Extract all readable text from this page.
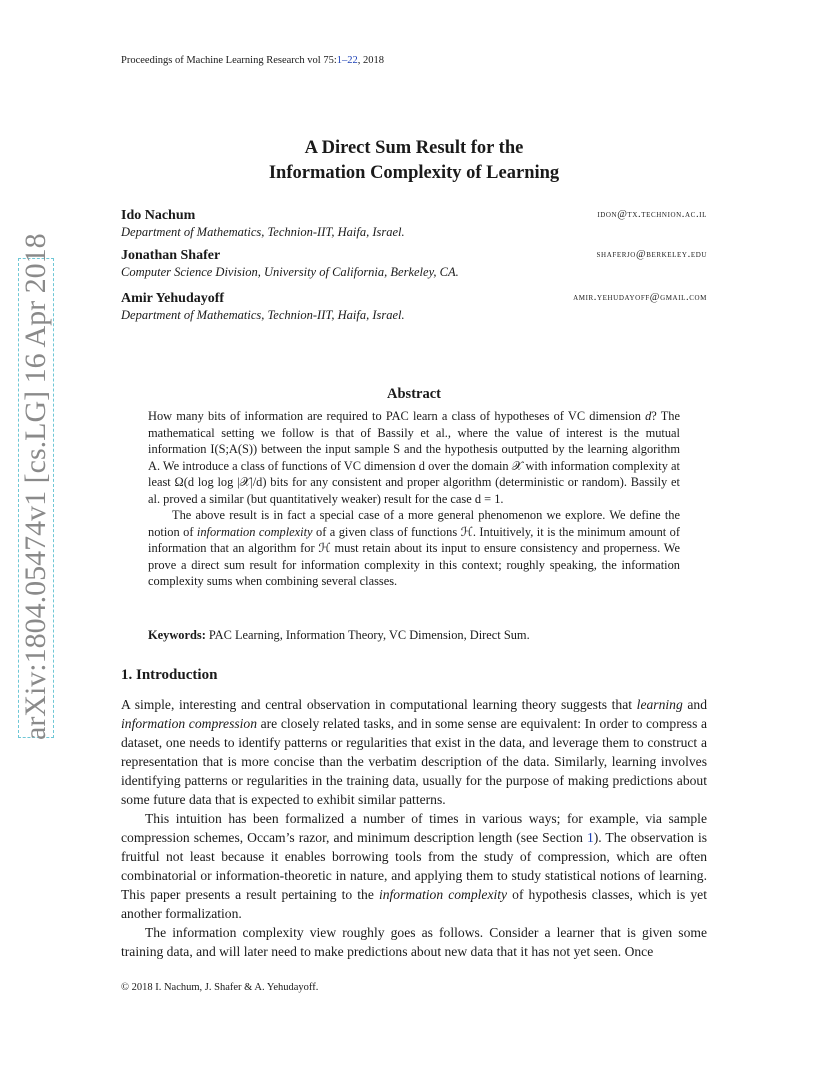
Proceedings of Machine Learning Research vol 75:1–22, 2018
A Direct Sum Result for the
Information Complexity of Learning
Ido Nachum	idon@tx.technion.ac.il
Department of Mathematics, Technion-IIT, Haifa, Israel.
Jonathan Shafer	shaferjo@berkeley.edu
Computer Science Division, University of California, Berkeley, CA.
Amir Yehudayoff	amir.yehudayoff@gmail.com
Department of Mathematics, Technion-IIT, Haifa, Israel.
Abstract

How many bits of information are required to PAC learn a class of hypotheses of VC dimension d? The mathematical setting we follow is that of Bassily et al., where the value of interest is the mutual information I(S;A(S)) between the input sample S and the hypothesis outputted by the learning algorithm A. We introduce a class of functions of VC dimension d over the domain 𝒳 with information complexity at least Ω(d log log |𝒳|/d) bits for any consistent and proper algorithm (deterministic or random). Bassily et al. proved a similar (but quantitatively weaker) result for the case d = 1.

The above result is in fact a special case of a more general phenomenon we explore. We define the notion of information complexity of a given class of functions ℋ. Intuitively, it is the minimum amount of information that an algorithm for ℋ must retain about its input to ensure consistency and properness. We prove a direct sum result for information complexity in this context; roughly speaking, the information complexity sums when combining several classes.

Keywords: PAC Learning, Information Theory, VC Dimension, Direct Sum.
1. Introduction

A simple, interesting and central observation in computational learning theory suggests that learning and information compression are closely related tasks, and in some sense are equivalent: In order to compress a dataset, one needs to identify patterns or regularities that exist in the data, and leverage them to construct a representation that is more concise than the verbatim description of the data. Similarly, learning involves identifying patterns or regularities in the training data, usually for the purpose of making predictions about some future data that is expected to exhibit similar patterns.

This intuition has been formalized a number of times in various ways; for example, via sample compression schemes, Occam’s razor, and minimum description length (see Section 1). The observation is fruitful not least because it enables borrowing tools from the study of compression, which are often combinatorial or information-theoretic in nature, and applying them to study statistical notions of learning. This paper presents a result pertaining to the information complexity of hypothesis classes, which is yet another formalization.

The information complexity view roughly goes as follows. Consider a learner that is given some training data, and will later need to make predictions about new data that it has not yet seen. Once

© 2018 I. Nachum, J. Shafer & A. Yehudayoff.
arXiv:1804.05474v1 [cs.LG] 16 Apr 2018
